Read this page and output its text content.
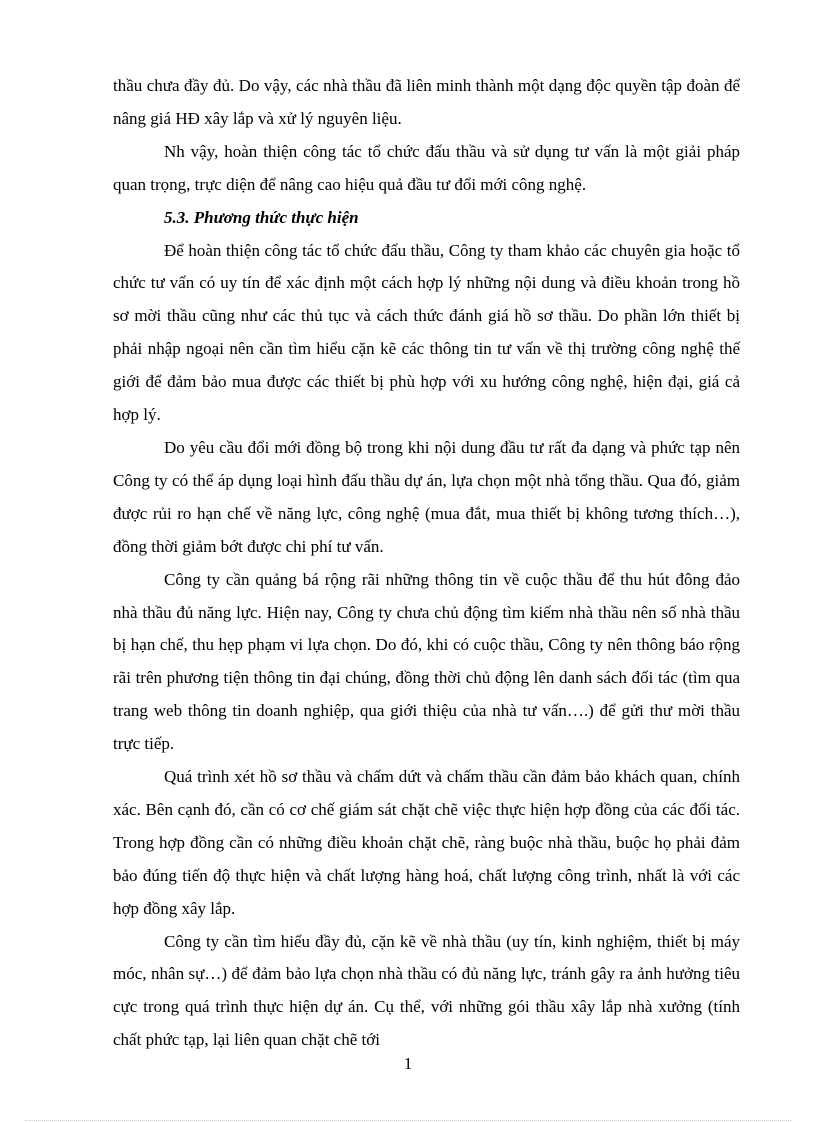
thầu chưa đầy đủ. Do vậy, các nhà thầu đã liên minh thành một dạng độc quyền tập đoàn để nâng giá HĐ xây lắp và xử lý nguyên liệu.

Nh vậy, hoàn thiện công tác tổ chức đấu thầu và sử dụng tư vấn là một giải pháp quan trọng, trực diện để nâng cao hiệu quả đầu tư đổi mới công nghệ.

5.3. Phương thức thực hiện

Để hoàn thiện công tác tổ chức đấu thầu, Công ty tham khảo các chuyên gia hoặc tổ chức tư vấn có uy tín để xác định một cách hợp lý những nội dung và điều khoản trong hồ sơ mời thầu cũng như các thủ tục và cách thức đánh giá hồ sơ thầu. Do phần lớn thiết bị phải nhập ngoại nên cần tìm hiểu cặn kẽ các thông tin tư vấn về thị trường công nghệ thế giới để đảm bảo mua được các thiết bị phù hợp với xu hướng công nghệ, hiện đại, giá cả hợp lý.

Do yêu cầu đổi mới đồng bộ trong khi nội dung đầu tư rất đa dạng và phức tạp nên Công ty có thể áp dụng loại hình đấu thầu dự án, lựa chọn một nhà tổng thầu. Qua đó, giảm được rủi ro hạn chế về năng lực, công nghệ (mua đắt, mua thiết bị không tương thích…), đồng thời giảm bớt được chi phí tư vấn.

Công ty cần quảng bá rộng rãi những thông tin về cuộc thầu để thu hút đông đảo nhà thầu đủ năng lực. Hiện nay, Công ty chưa chủ động tìm kiếm nhà thầu nên số nhà thầu bị hạn chế, thu hẹp phạm vi lựa chọn. Do đó, khi có cuộc thầu, Công ty nên thông báo rộng rãi trên phương tiện thông tin đại chúng, đồng thời chủ động lên danh sách đối tác (tìm qua trang web thông tin doanh nghiệp, qua giới thiệu của nhà tư vấn….) để gửi thư mời thầu trực tiếp.

Quá trình xét hồ sơ thầu và chấm dứt và chấm thầu cần đảm bảo khách quan, chính xác. Bên cạnh đó, cần có cơ chế giám sát chặt chẽ việc thực hiện hợp đồng của các đối tác. Trong hợp đồng cần có những điều khoản chặt chẽ, ràng buộc nhà thầu, buộc họ phải đảm bảo đúng tiến độ thực hiện và chất lượng hàng hoá, chất lượng công trình, nhất là với các hợp đồng xây lắp.

Công ty cần tìm hiểu đầy đủ, cặn kẽ về nhà thầu (uy tín, kinh nghiệm, thiết bị máy móc, nhân sự…) để đảm bảo lựa chọn nhà thầu có đủ năng lực, tránh gây ra ảnh hưởng tiêu cực trong quá trình thực hiện dự án. Cụ thể, với những gói thầu xây lắp nhà xưởng (tính chất phức tạp, lại liên quan chặt chẽ tới

1
